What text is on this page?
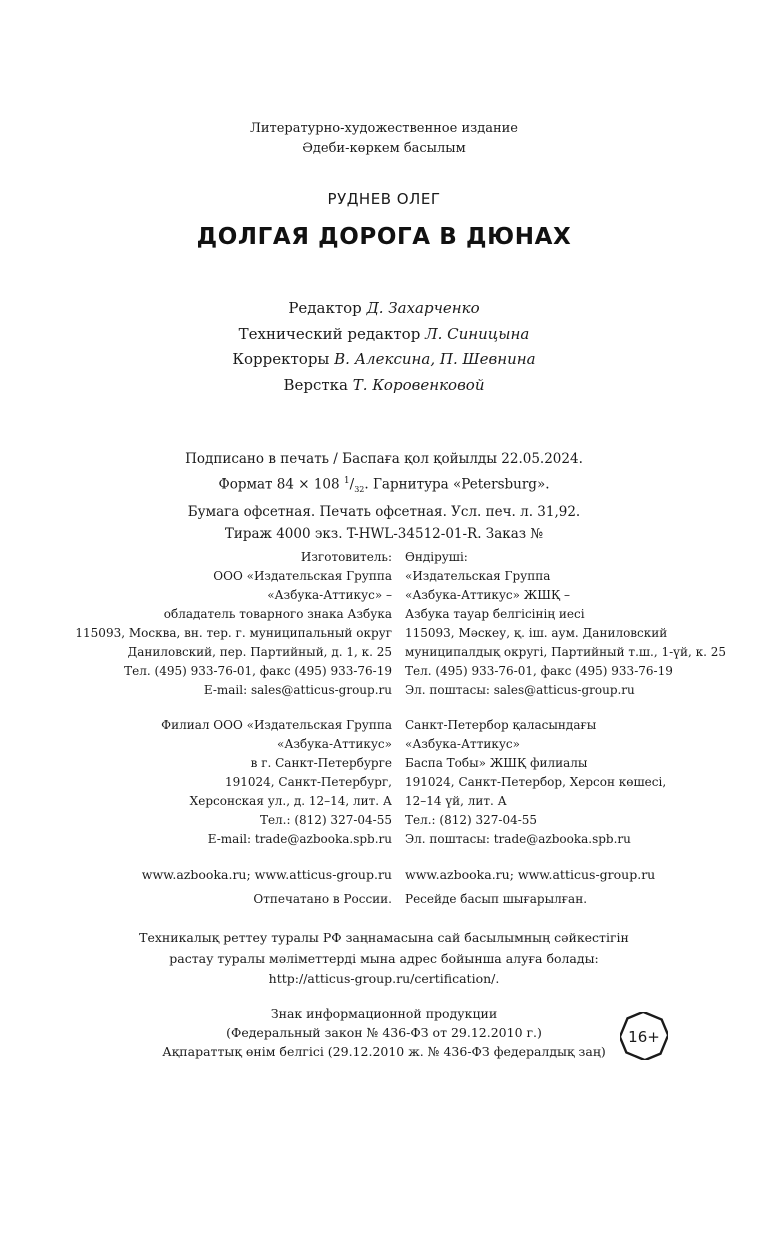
Литературно-художественное издание
Әдеби-көркем басылым
РУДНЕВ ОЛЕГ
ДОЛГАЯ ДОРОГА В ДЮНАХ
Редактор Д. Захарченко
Технический редактор Л. Синицына
Корректоры В. Алексина, П. Шевнина
Верстка Т. Коровенковой
Подписано в печать / Баспаға қол қойылды 22.05.2024.
Формат 84 × 108 $^1/_{32}$. Гарнитура «Petersburg».
Бумага офсетная. Печать офсетная. Усл. печ. л. 31,92.
Тираж 4000 экз. T-HWL-34512-01-R. Заказ №
Изготовитель:
ООО «Издательская Группа
«Азбука-Аттикус» –
обладатель товарного знака Азбука
115093, Москва, вн. тер. г. муниципальный округ
Даниловский, пер. Партийный, д. 1, к. 25
Тел. (495) 933-76-01, факс (495) 933-76-19
E-mail: sales@atticus-group.ru
Өндіруші:
«Издательская Группа
«Азбука-Аттикус» ЖШҚ –
Азбука тауар белгісінің иесі
115093, Мәскеу, қ. іш. аум. Даниловский
муниципалдық округі, Партийный т.ш., 1-үй, к. 25
Тел. (495) 933-76-01, факс (495) 933-76-19
Эл. поштасы: sales@atticus-group.ru
Филиал ООО «Издательская Группа
«Азбука-Аттикус»
в г. Санкт-Петербурге
191024, Санкт-Петербург,
Херсонская ул., д. 12–14, лит. А
Тел.: (812) 327-04-55
E-mail: trade@azbooka.spb.ru
Санкт-Петербор қаласындағы
«Азбука-Аттикус»
Баспа Тобы» ЖШҚ филиалы
191024, Санкт-Петербор, Херсон көшесі,
12–14 үй, лит. А
Тел.: (812) 327-04-55
Эл. поштасы: trade@azbooka.spb.ru
www.azbooka.ru; www.atticus-group.ru www.azbooka.ru; www.atticus-group.ru
Отпечатано в России. Ресейде басып шығарылған.
Техникалық реттеу туралы РФ заңнамасына сай басылымның сәйкестігін
растау туралы мәліметтерді мына адрес бойынша алуға болады:
http://atticus-group.ru/certification/.
Знак информационной продукции
(Федеральный закон № 436-ФЗ от 29.12.2010 г.)
Ақпараттық өнім белгісі (29.12.2010 ж. № 436-ФЗ федералдық заң)
16+
